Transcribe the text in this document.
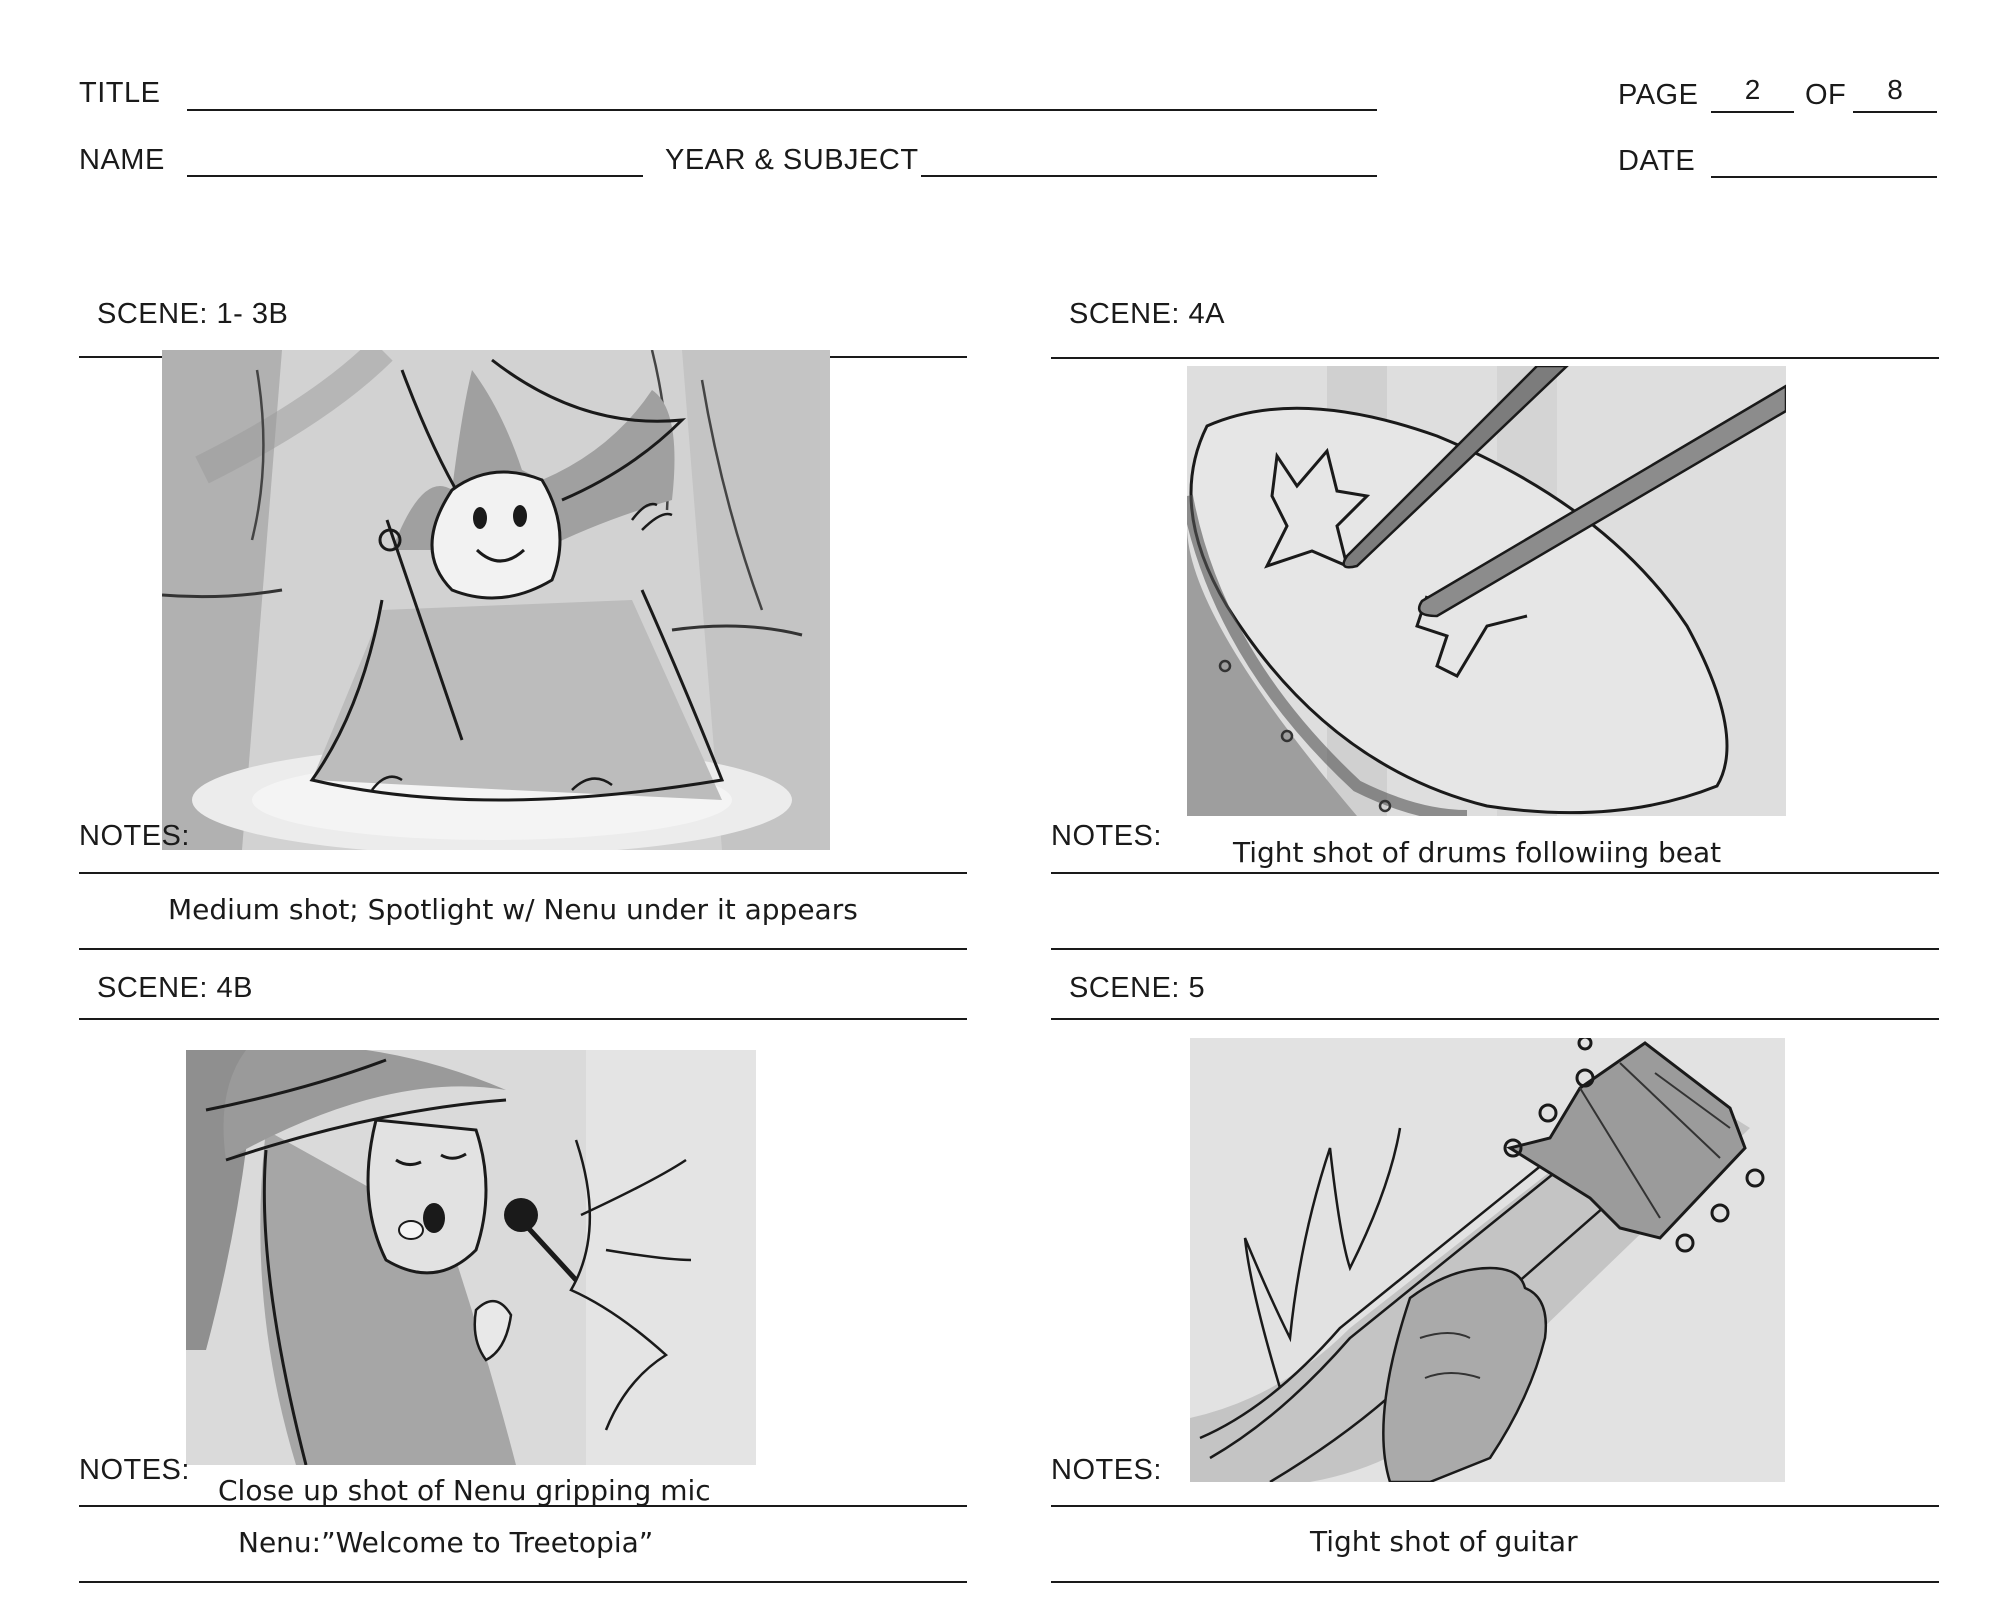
TITLE	PAGE	2	OF	8
NAME	YEAR & SUBJECT	DATE
SCENE: 1- 3B
NOTES:
Medium shot; Spotlight w/ Nenu under it appears
SCENE: 4A
NOTES:	Tight shot of drums followiing beat
SCENE: 4B
NOTES:
Close up shot of Nenu gripping mic
Nenu:”Welcome to Treetopia”
SCENE: 5
NOTES:
Tight shot of guitar
